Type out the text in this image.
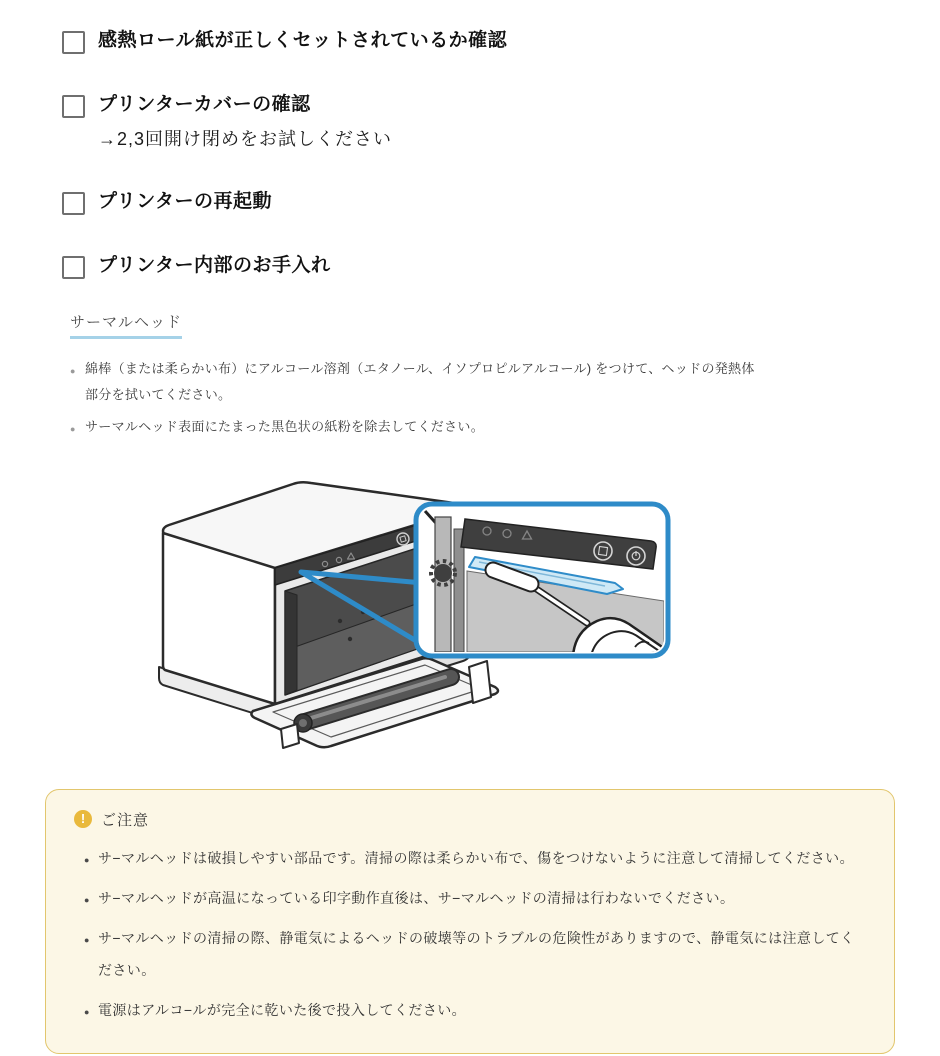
感熱ロール紙が正しくセットされているか確認
プリンターカバーの確認
→2,3回開け閉めをお試しください
プリンターの再起動
プリンター内部のお手入れ
サーマルヘッド
● 綿棒（または柔らかい布）にアルコール溶剤（エタノール、イソプロピルアルコール) をつけて、ヘッドの発熱体部分を拭いてください。
● サーマルヘッド表面にたまった黒色状の紙粉を除去してください。
!	ご注意
● サ−マルヘッドは破損しやすい部品です。清掃の際は柔らかい布で、傷をつけないように注意して清掃してください。
● サ−マルヘッドが高温になっている印字動作直後は、サ−マルヘッドの清掃は行わないでください。
● サ−マルヘッドの清掃の際、静電気によるヘッドの破壊等のトラブルの危険性がありますので、静電気には注意してください。
● 電源はアルコ−ルが完全に乾いた後で投入してください。
